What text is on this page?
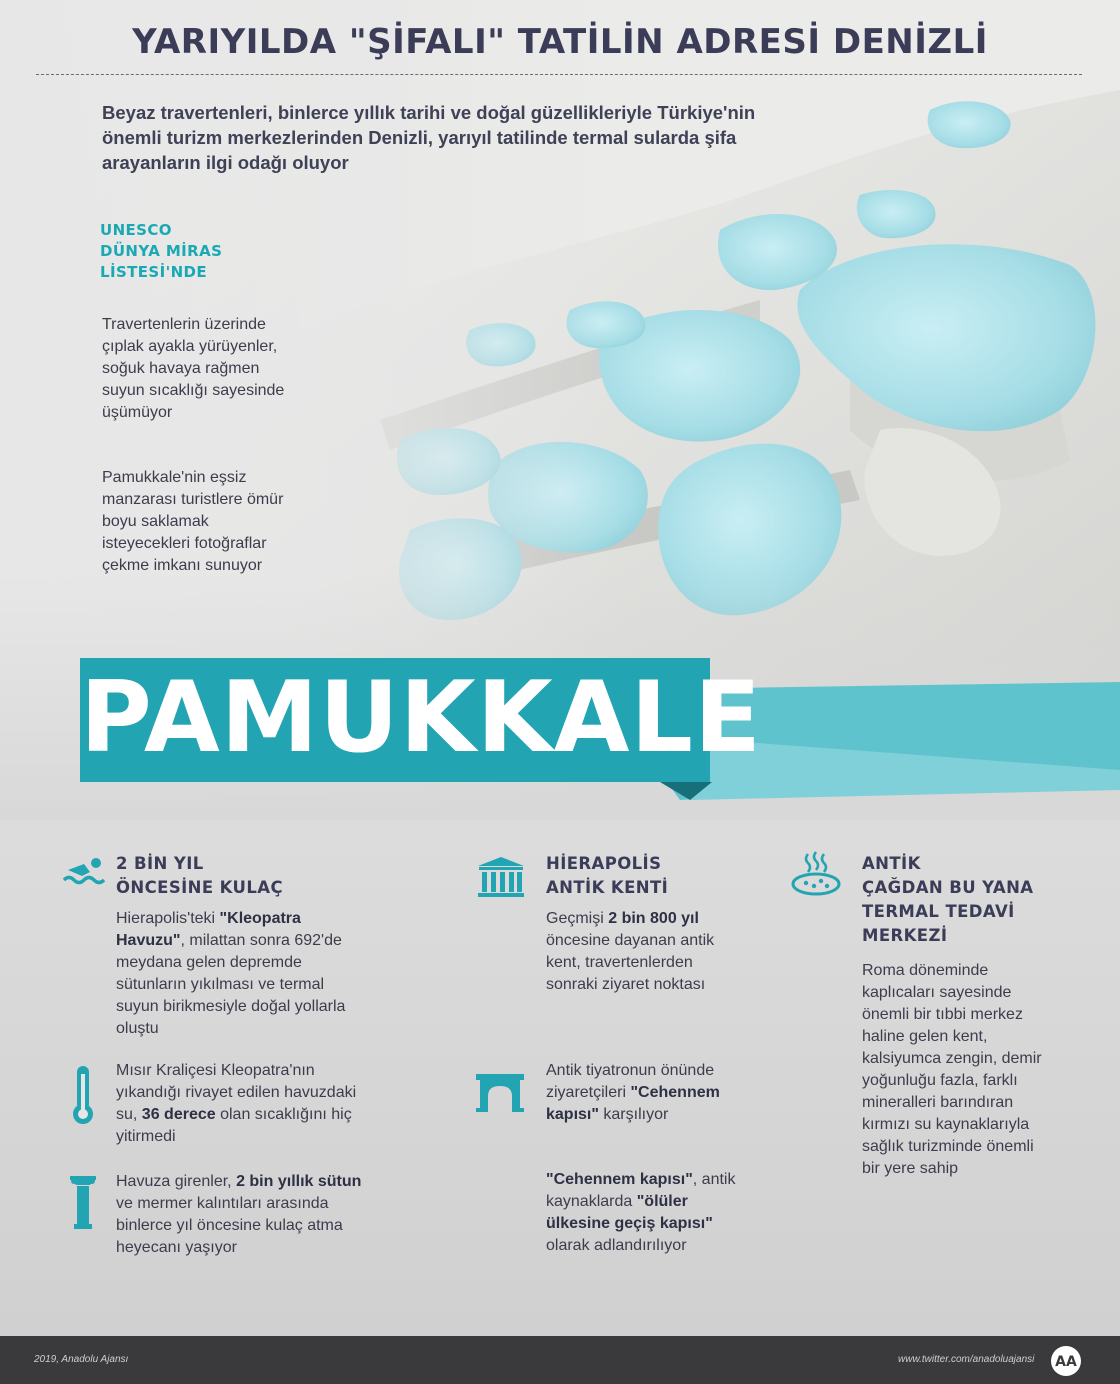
YARIYILDA "ŞİFALI" TATİLİN ADRESİ DENİZLİ
Beyaz travertenleri, binlerce yıllık tarihi ve doğal güzellikleriyle Türkiye'nin önemli turizm merkezlerinden Denizli, yarıyıl tatilinde termal sularda şifa arayanların ilgi odağı oluyor
UNESCO
DÜNYA MİRAS
LİSTESİ'NDE
Travertenlerin üzerinde çıplak ayakla yürüyenler, soğuk havaya rağmen suyun sıcaklığı sayesinde üşümüyor
Pamukkale'nin eşsiz manzarası turistlere ömür boyu saklamak isteyecekleri fotoğraflar çekme imkanı sunuyor
PAMUKKALE
2 BİN YIL
ÖNCESİNE KULAÇ
Hierapolis'teki "Kleopatra Havuzu", milattan sonra 692'de meydana gelen depremde sütunların yıkılması ve termal suyun birikmesiyle doğal yollarla oluştu
Mısır Kraliçesi Kleopatra'nın yıkandığı rivayet edilen havuzdaki su, 36 derece olan sıcaklığını hiç yitirmedi
Havuza girenler, 2 bin yıllık sütun ve mermer kalıntıları arasında binlerce yıl öncesine kulaç atma heyecanı yaşıyor
HİERAPOLİS
ANTİK KENTİ
Geçmişi 2 bin 800 yıl öncesine dayanan antik kent, travertenlerden sonraki ziyaret noktası
Antik tiyatronun önünde ziyaretçileri "Cehennem kapısı" karşılıyor
"Cehennem kapısı", antik kaynaklarda "ölüler ülkesine geçiş kapısı" olarak adlandırılıyor
ANTİK
ÇAĞDAN BU YANA
TERMAL TEDAVİ
MERKEZİ
Roma döneminde kaplıcaları sayesinde önemli bir tıbbi merkez haline gelen kent, kalsiyumca zengin, demir yoğunluğu fazla, farklı mineralleri barındıran kırmızı su kaynaklarıyla sağlık turizminde önemli bir yere sahip
2019, Anadolu Ajansı	www.twitter.com/anadoluajansi AA
